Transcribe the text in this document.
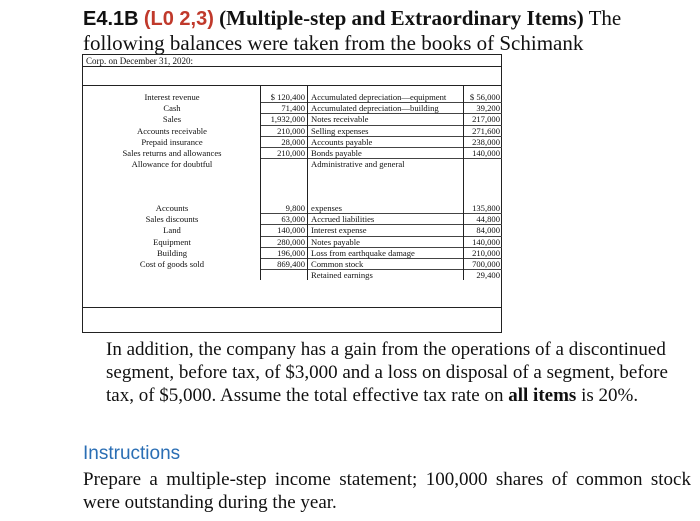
E4.1B (L0 2,3) (Multiple-step and Extraordinary Items) The following balances were taken from the books of Schimank

Corp. on December 31, 2020:
Interest revenue	$ 120,400 Accumulated depreciation—equipment	$ 56,000
Cash	71,400 Accumulated depreciation—building	39,200
Sales	1,932,000 Notes receivable	217,000
Accounts receivable	210,000 Selling expenses	271,600
Prepaid insurance	28,000 Accounts payable	238,000
Sales returns and allowances	210,000 Bonds payable	140,000
Allowance for doubtful	Administrative and general
Accounts	9,800 expenses	135,800
Sales discounts	63,000 Accrued liabilities	44,800
Land	140,000 Interest expense	84,000
Equipment	280,000 Notes payable	140,000
Building	196,000 Loss from earthquake damage	210,000
Cost of goods sold	869,400 Common stock	700,000
Retained earnings	29,400

In addition, the company has a gain from the operations of a discontinued segment, before tax, of $3,000 and a loss on disposal of a segment, before tax, of $5,000. Assume the total effective tax rate on all items is 20%.

Instructions

Prepare a multiple-step income statement; 100,000 shares of common stock were outstanding during the year.
